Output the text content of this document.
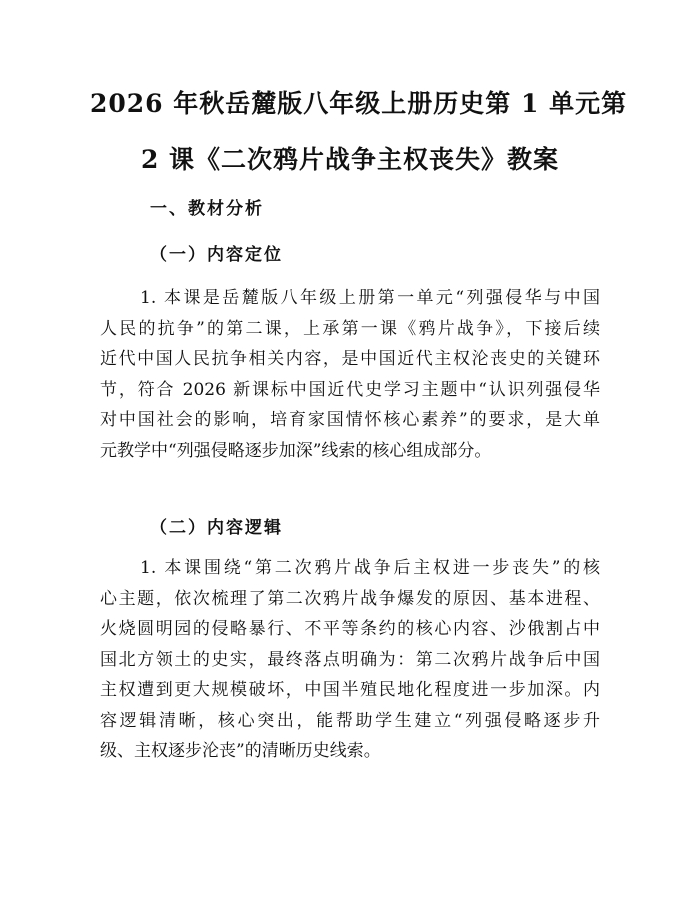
2026 年秋岳麓版八年级上册历史第 1 单元第
2 课《二次鸦片战争主权丧失》教案
一、教材分析
（一）内容定位
1. 本课是岳麓版八年级上册第一单元“列强侵华与中国
人民的抗争”的第二课，上承第一课《鸦片战争》，下接后续
近代中国人民抗争相关内容，是中国近代主权沦丧史的关键环
节，符合 2026 新课标中国近代史学习主题中“认识列强侵华
对中国社会的影响，培育家国情怀核心素养”的要求，是大单
元教学中“列强侵略逐步加深”线索的核心组成部分。
（二）内容逻辑
1. 本课围绕“第二次鸦片战争后主权进一步丧失”的核
心主题，依次梳理了第二次鸦片战争爆发的原因、基本进程、
火烧圆明园的侵略暴行、不平等条约的核心内容、沙俄割占中
国北方领土的史实，最终落点明确为：第二次鸦片战争后中国
主权遭到更大规模破坏，中国半殖民地化程度进一步加深。内
容逻辑清晰，核心突出，能帮助学生建立“列强侵略逐步升
级、主权逐步沦丧”的清晰历史线索。
